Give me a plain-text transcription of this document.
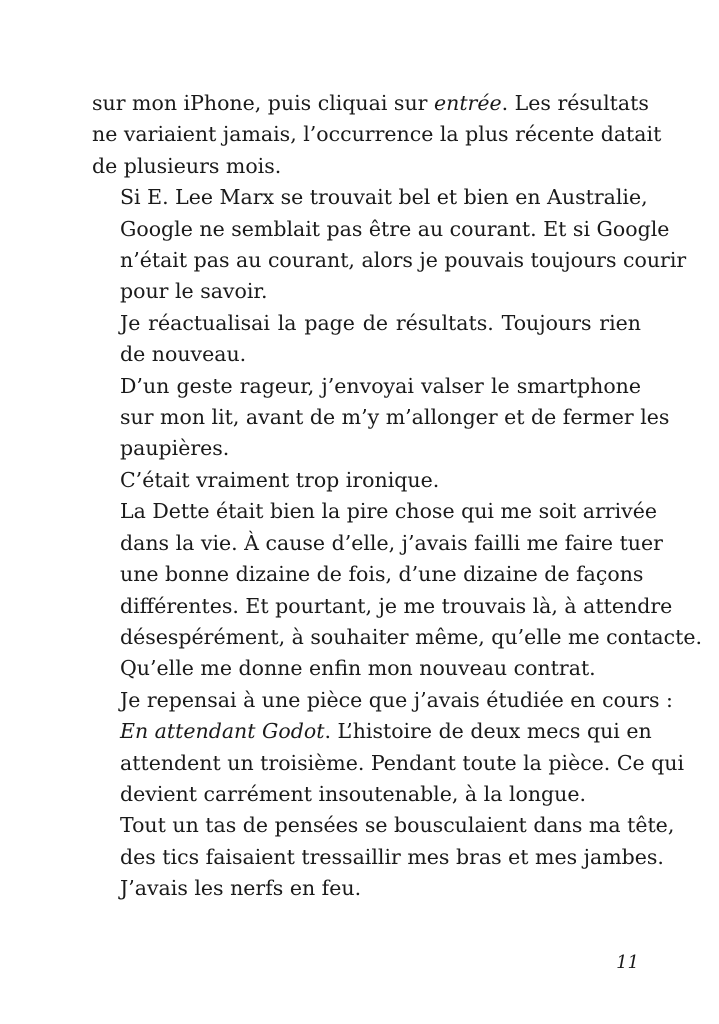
sur mon iPhone, puis cliquai sur entrée. Les résultats
ne variaient jamais, l’occurrence la plus récente datait
de plusieurs mois.
Si E. Lee Marx se trouvait bel et bien en Australie,
Google ne semblait pas être au courant. Et si Google
n’était pas au courant, alors je pouvais toujours courir
pour le savoir.
Je réactualisai la page de résultats. Toujours rien
de nouveau.
D’un geste rageur, j’envoyai valser le smartphone
sur mon lit, avant de m’y m’allonger et de fermer les
paupières.
C’était vraiment trop ironique.
La Dette était bien la pire chose qui me soit arrivée
dans la vie. À cause d’elle, j’avais failli me faire tuer
une bonne dizaine de fois, d’une dizaine de façons
différentes. Et pourtant, je me trouvais là, à attendre
désespérément, à souhaiter même, qu’elle me contacte.
Qu’elle me donne enfin mon nouveau contrat.
Je repensai à une pièce que j’avais étudiée en cours :
En attendant Godot. L’histoire de deux mecs qui en
attendent un troisième. Pendant toute la pièce. Ce qui
devient carrément insoutenable, à la longue.
Tout un tas de pensées se bousculaient dans ma tête,
des tics faisaient tressaillir mes bras et mes jambes.
J’avais les nerfs en feu.
11
